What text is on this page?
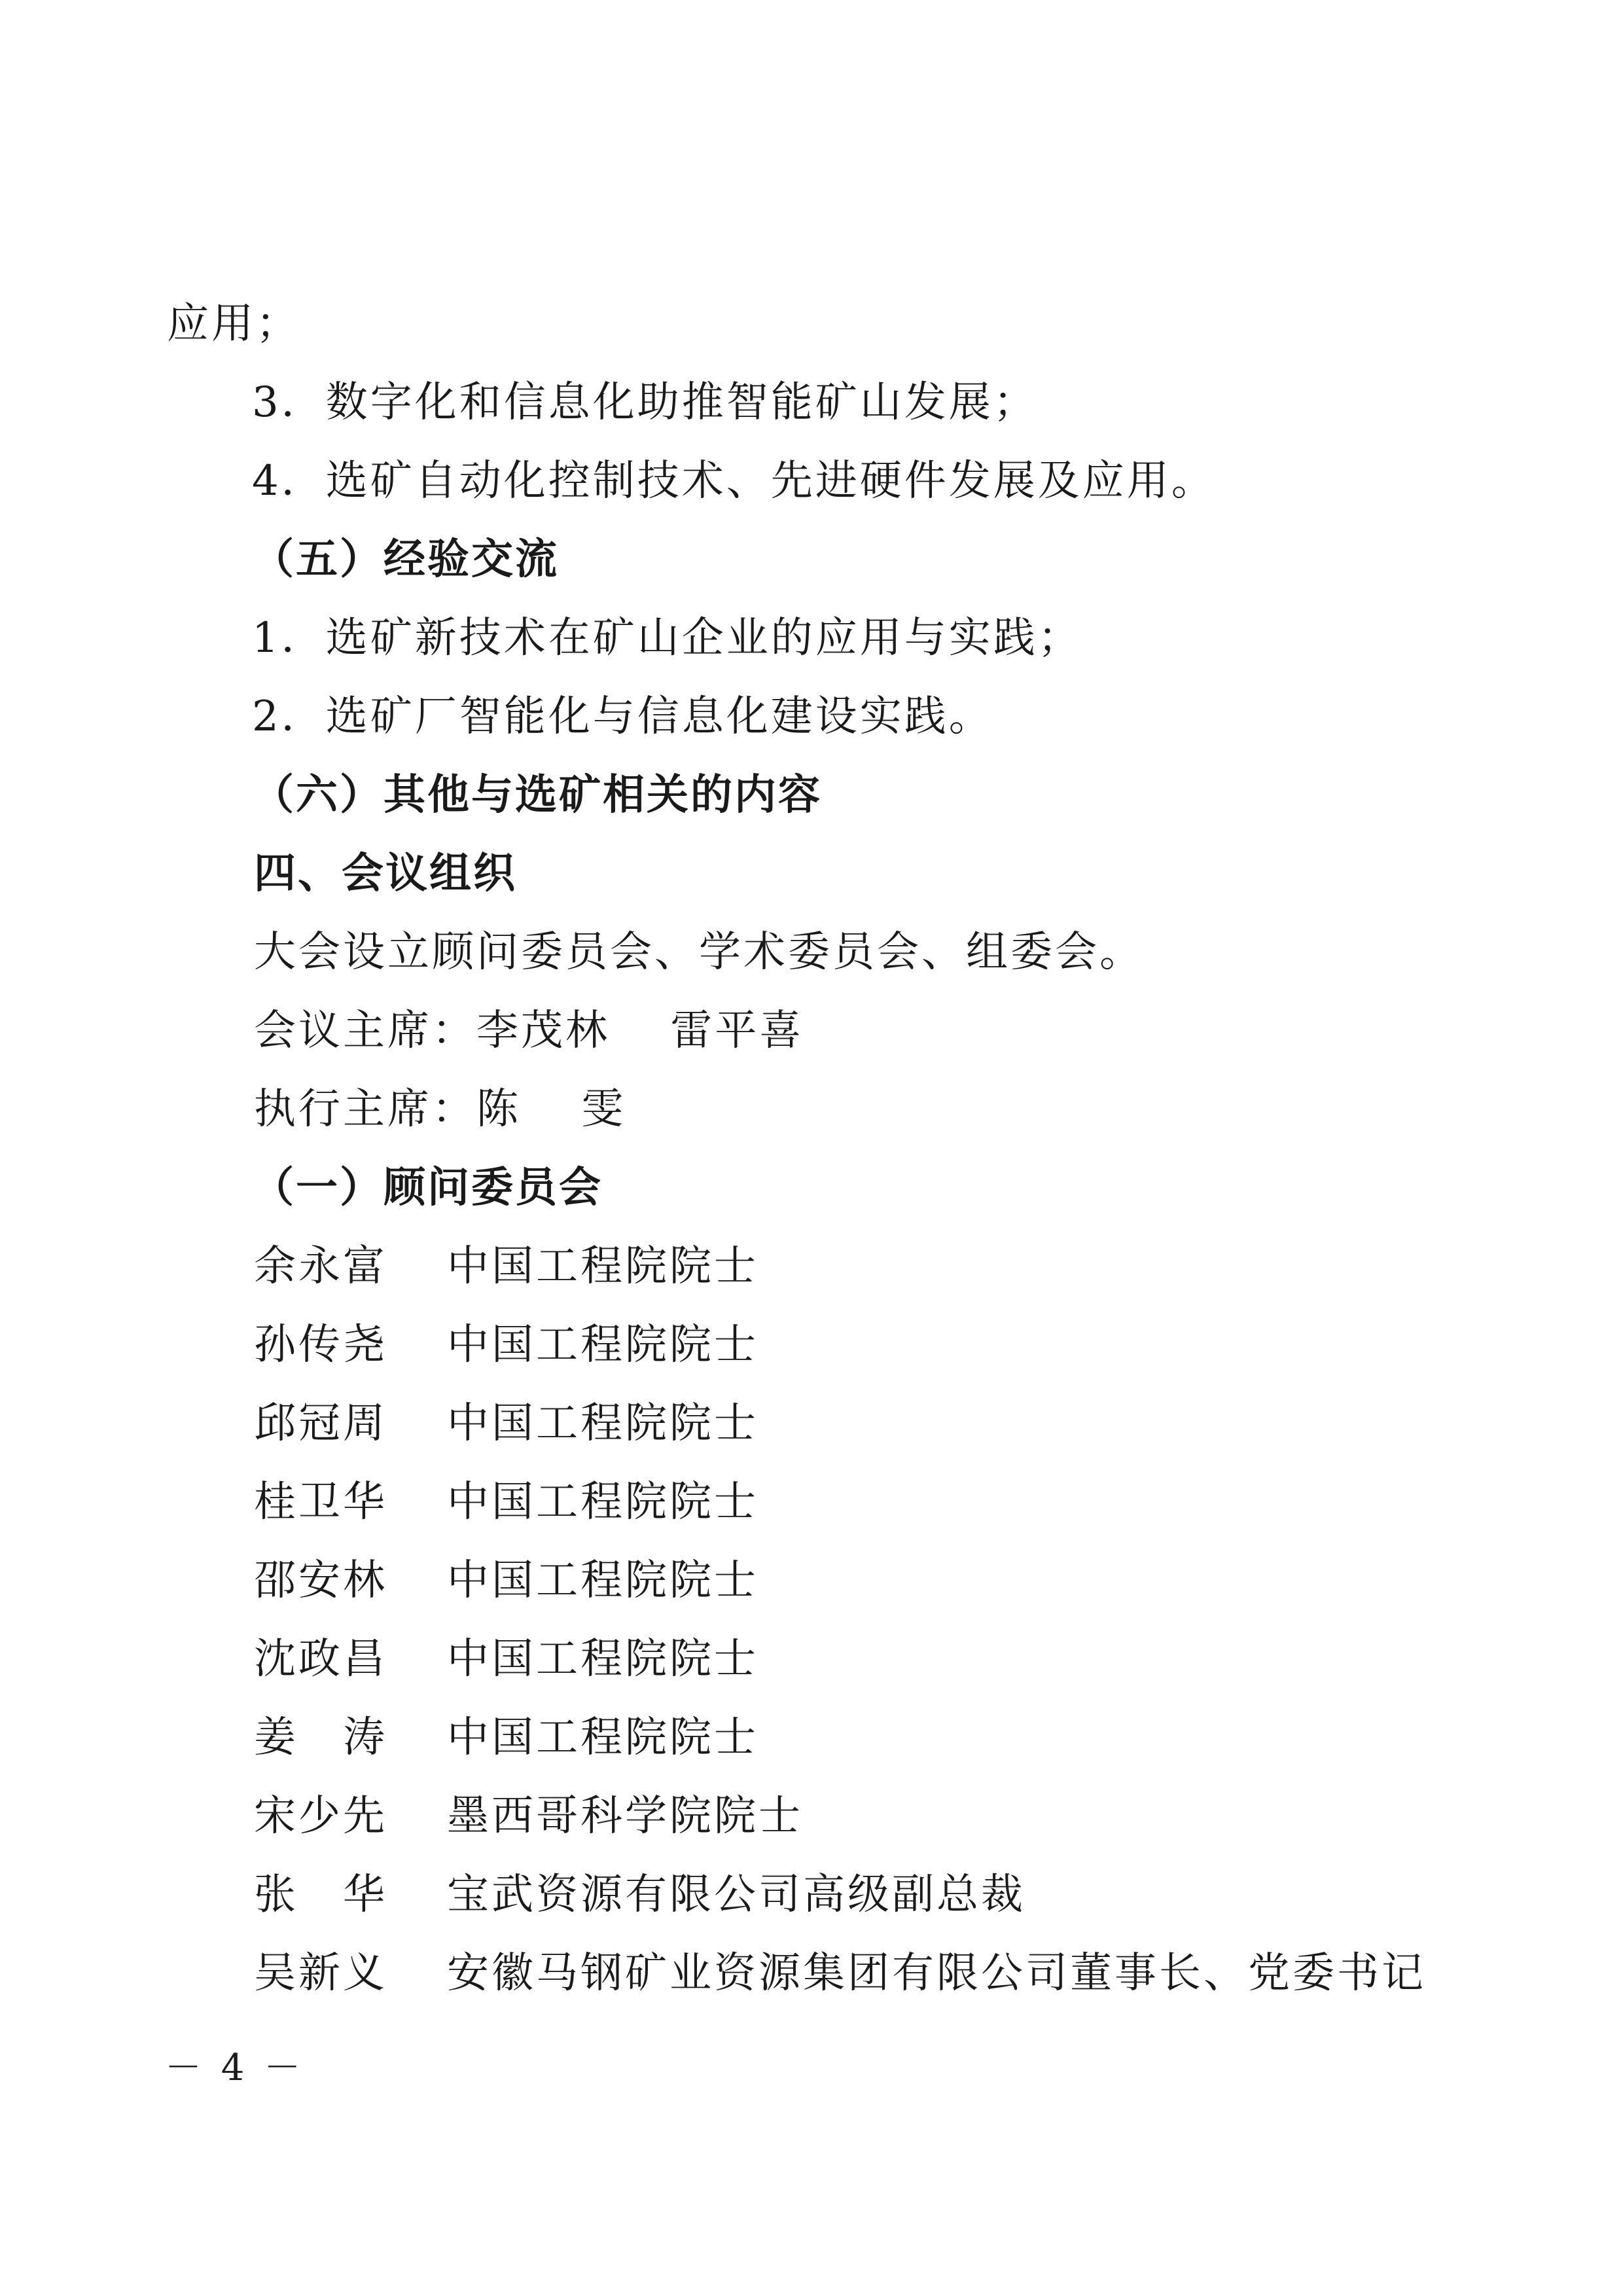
应用；
3．数字化和信息化助推智能矿山发展；
4．选矿自动化控制技术、先进硬件发展及应用。
（五）经验交流
1．选矿新技术在矿山企业的应用与实践；
2．选矿厂智能化与信息化建设实践。
（六）其他与选矿相关的内容
四、会议组织
大会设立顾问委员会、学术委员会、组委会。
会议主席：李茂林　 雷平喜
执行主席：陈　 雯
（一）顾问委员会
余永富 中国工程院院士
孙传尧 中国工程院院士
邱冠周 中国工程院院士
桂卫华 中国工程院院士
邵安林 中国工程院院士
沈政昌 中国工程院院士
姜　涛 中国工程院院士
宋少先 墨西哥科学院院士
张　华 宝武资源有限公司高级副总裁
吴新义 安徽马钢矿业资源集团有限公司董事长、党委书记
－ 4 －
